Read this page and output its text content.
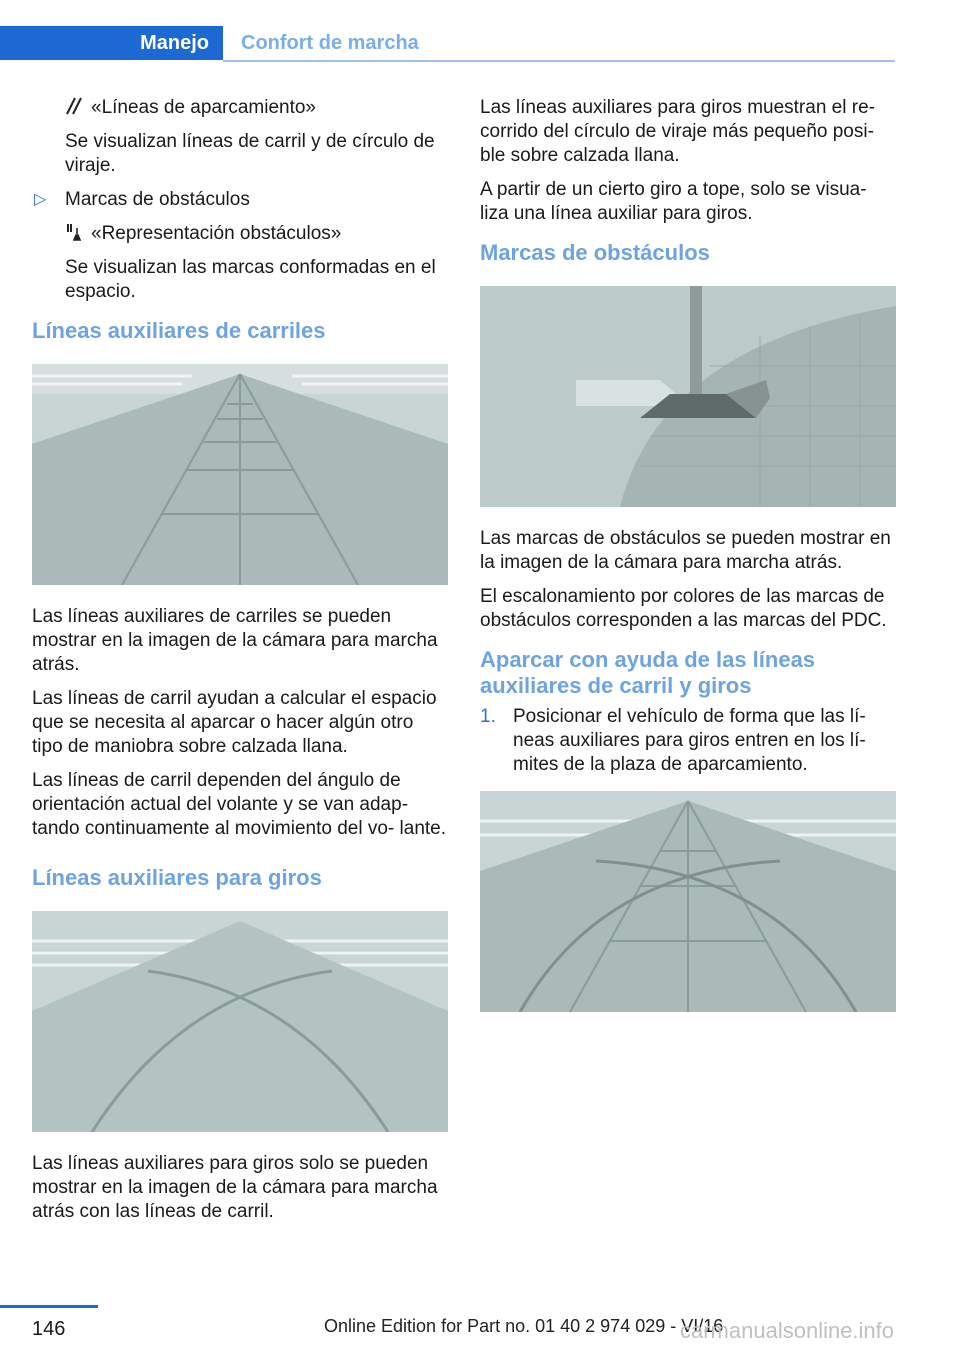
Manejo	Confort de marcha

«Líneas de aparcamiento»

Se visualizan líneas de carril y de círculo de viraje.

▷ Marcas de obstáculos

«Representación obstáculos»

Se visualizan las marcas conformadas en el espacio.

Líneas auxiliares de carriles

Las líneas auxiliares de carriles se pueden mostrar en la imagen de la cámara para marcha atrás.

Las líneas de carril ayudan a calcular el espacio que se necesita al aparcar o hacer algún otro tipo de maniobra sobre calzada llana.

Las líneas de carril dependen del ángulo de orientación actual del volante y se van adap‐ tando continuamente al movimiento del vo‐ lante.

Líneas auxiliares para giros

Las líneas auxiliares para giros solo se pueden mostrar en la imagen de la cámara para marcha atrás con las líneas de carril.

Las líneas auxiliares para giros muestran el re‐ corrido del círculo de viraje más pequeño posi‐ ble sobre calzada llana.

A partir de un cierto giro a tope, solo se visua‐ liza una línea auxiliar para giros.

Marcas de obstáculos

Las marcas de obstáculos se pueden mostrar en la imagen de la cámara para marcha atrás.

El escalonamiento por colores de las marcas de obstáculos corresponden a las marcas del PDC.

Aparcar con ayuda de las líneas auxiliares de carril y giros

1. Posicionar el vehículo de forma que las lí‐ neas auxiliares para giros entren en los lí‐ mites de la plaza de aparcamiento.

146	Online Edition for Part no. 01 40 2 974 029 - VI/16
carmanualsonline.info
